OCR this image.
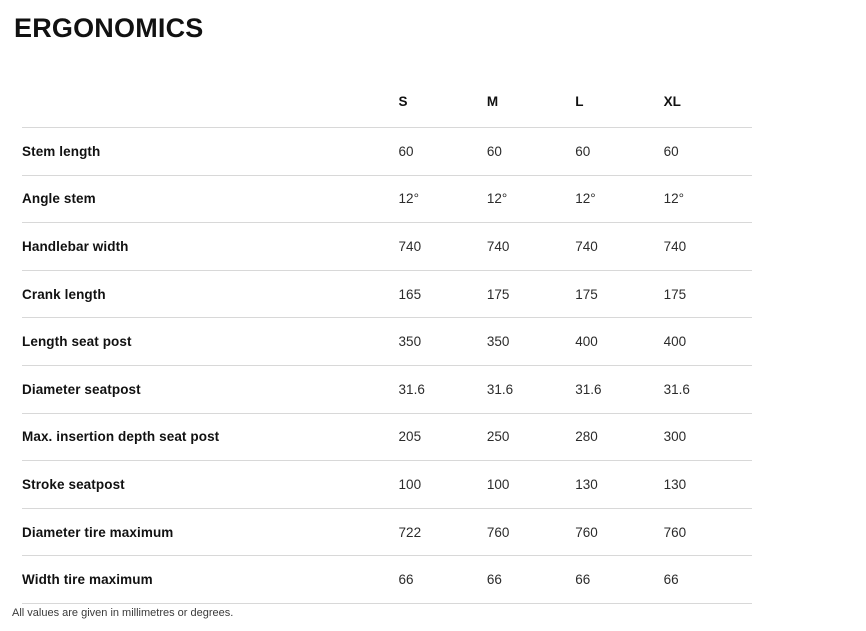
ERGONOMICS
	S	M	L	XL
Stem length	60	60	60	60
Angle stem	12°	12°	12°	12°
Handlebar width	740	740	740	740
Crank length	165	175	175	175
Length seat post	350	350	400	400
Diameter seatpost	31.6	31.6	31.6	31.6
Max. insertion depth seat post	205	250	280	300
Stroke seatpost	100	100	130	130
Diameter tire maximum	722	760	760	760
Width tire maximum	66	66	66	66
All values are given in millimetres or degrees.
